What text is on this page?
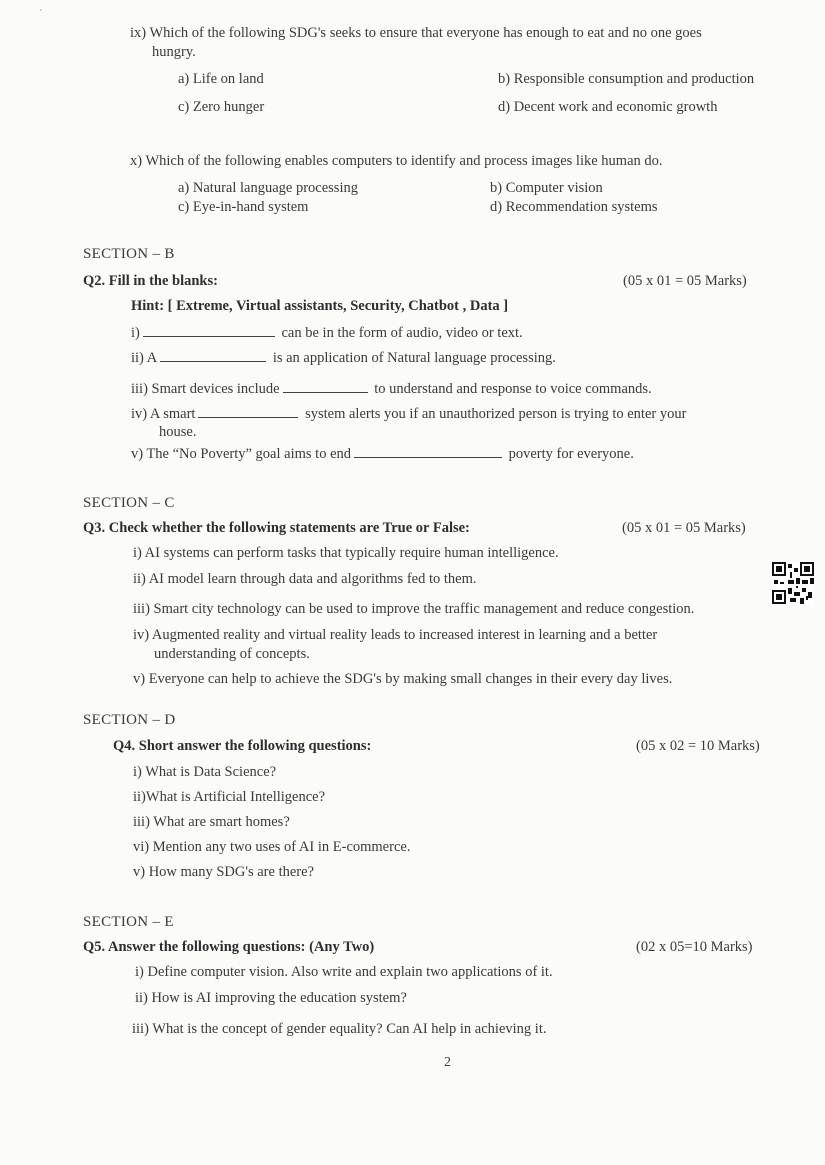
′
ix) Which of the following SDG's seeks to ensure that everyone has enough to eat and no one goes
hungry.
a) Life on land	b) Responsible consumption and production
c) Zero hunger	d) Decent work and economic growth
x) Which of the following enables computers to identify and process images like human do.
a) Natural language processing	b) Computer vision
c) Eye-in-hand system	d) Recommendation systems
SECTION – B
Q2. Fill in the blanks:	(05 x 01 = 05 Marks)
Hint: [ Extreme, Virtual assistants, Security, Chatbot , Data ]
i)	can be in the form of audio, video or text.
ii) A	is an application of Natural language processing.
iii) Smart devices include	to understand and response to voice commands.
iv) A smart	system alerts you if an unauthorized person is trying to enter your
house.
v) The “No Poverty” goal aims to end	poverty for everyone.
SECTION – C
Q3. Check whether the following statements are True or False:	(05 x 01 = 05 Marks)
i) AI systems can perform tasks that typically require human intelligence.
ii) AI model learn through data and algorithms fed to them.
iii) Smart city technology can be used to improve the traffic management and reduce congestion.
iv) Augmented reality and virtual reality leads to increased interest in learning and a better
understanding of concepts.
v) Everyone can help to achieve the SDG's by making small changes in their every day lives.
SECTION – D
Q4. Short answer the following questions:	(05 x 02 = 10 Marks)
i) What is Data Science?
ii)What is Artificial Intelligence?
iii) What are smart homes?
vi) Mention any two uses of AI in E-commerce.
v) How many SDG's are there?
SECTION – E
Q5. Answer the following questions: (Any Two)	(02 x 05=10 Marks)
i) Define computer vision. Also write and explain two applications of it.
ii) How is AI improving the education system?
iii) What is the concept of gender equality? Can AI help in achieving it.
2
